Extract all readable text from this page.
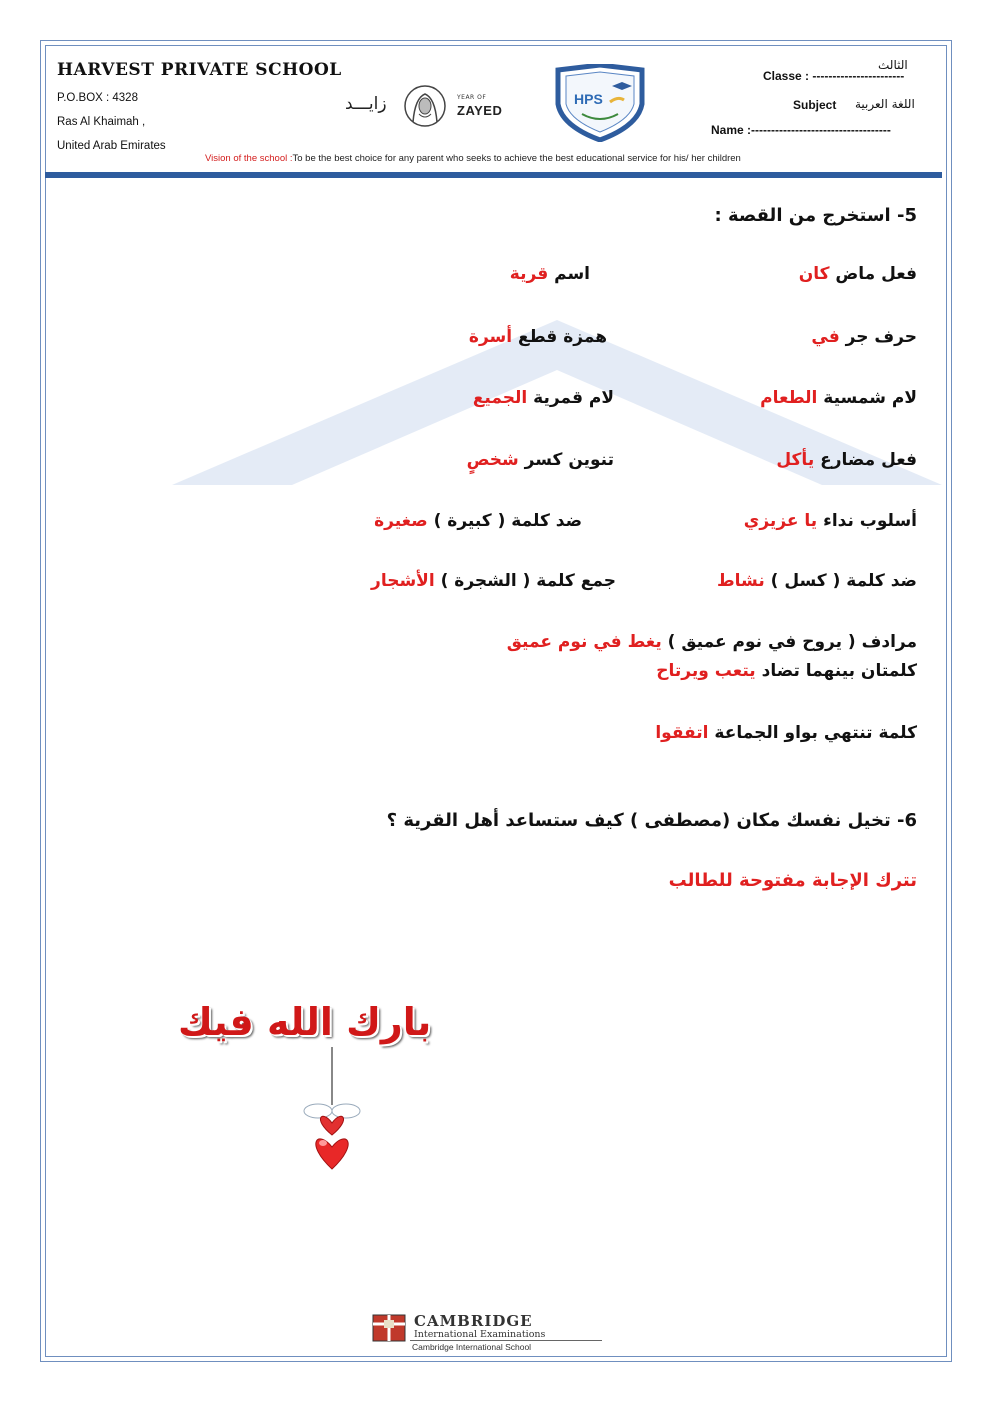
HARVEST PRIVATE SCHOOL
P.O.BOX : 4328
Ras Al Khaimah ,
United Arab Emirates
Vision of the school :To be the best choice for any parent who seeks to achieve the best educational service for his/ her children
زايـــد	YEAR OF
ZAYED
HPS
Classe : -----------------------
الثالث
Subject اللغة العربية
Name :-----------------------------------
5- استخرج من القصة :
فعل ماض كان
اسم قرية
حرف جر في
همزة قطع أسرة
لام شمسية الطعام
لام قمرية الجميع
فعل مضارع يأكل
تنوين كسر شخصٍ
أسلوب نداء يا عزيزي
ضد كلمة ( كبيرة ) صغيرة
ضد كلمة ( كسل ) نشاط
جمع كلمة ( الشجرة ) الأشجار
مرادف ( يروح في نوم عميق ) يغط في نوم عميق
كلمتان بينهما تضاد يتعب ويرتاح
كلمة تنتهي بواو الجماعة اتفقوا
6- تخيل نفسك مكان (مصطفى ) كيف ستساعد أهل القرية ؟
تترك الإجابة مفتوحة للطالب
بارك الله فيك
CAMBRIDGE
International Examinations
Cambridge International School
